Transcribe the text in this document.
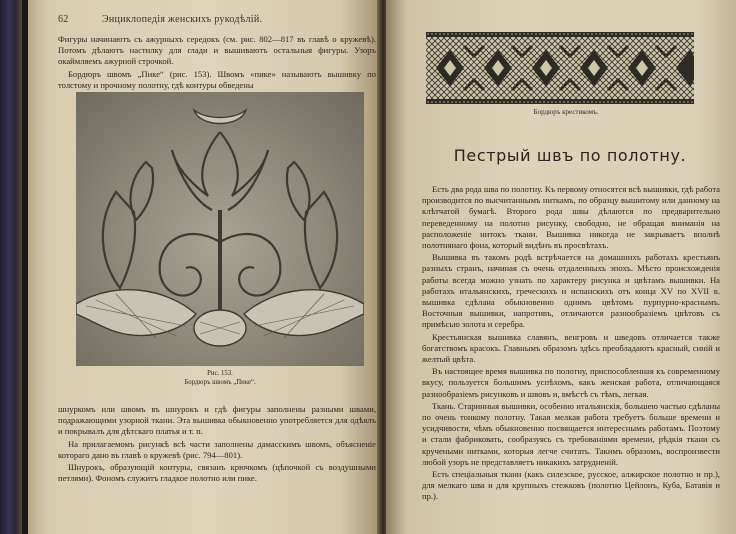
62	Энциклопедія женскихъ рукодѣлій.

Фигуры начинаютъ съ ажурныхъ середокъ (см. рис. 802—817 въ главѣ о кружевѣ). Потомъ дѣлаютъ настилку для глади и вышиваютъ остальныя фигуры. Узоръ окаймляемъ ажурной строчкой.

Бордюръ швомъ „Пике“ (рис. 153). Швомъ «пике» называютъ вышивку по толстому и прочному полотну, гдѣ контуры обведены

Рис. 153.
Бордюръ швомъ „Пике“.

шнуркомъ или швомъ въ шнурокъ и гдѣ фигуры заполнены разными швами, подражающими узорной ткани. Эта вышивка обыкновенно употребляется для одѣялъ и покрывалъ для дѣтскаго платья и т. п.

На прилагаемомъ рисункѣ всѣ части заполнены дамасскимъ швомъ, объясненіе котораго дано въ главѣ о кружевѣ (рис. 794—801).

Шнурокъ, образующій контуры, связанъ крючкомъ (цѣпочкой съ воздушными петлями). Фономъ служитъ гладкое полотно или пике.

Бордюръ крестикомъ.
Пестрый швъ по полотну.

Есть два рода шва по полотну. Къ первому относятся всѣ вышивки, гдѣ работа производится по высчитаннымъ ниткамъ, по образцу вышитому или данному на клѣтчатой бумагѣ. Второго рода швы дѣлаются по предварительно переведенному на полотно рисунку, свободно, не обращая вниманія на расположеніе нитокъ ткани. Вышивка никогда не закрываетъ вполнѣ полотнянаго фона, который видѣнъ въ просвѣтахъ.

Вышивка въ такомъ родѣ встрѣчается на домашнихъ работахъ крестьянъ разныхъ странъ, начиная съ очень отдаленныхъ эпохъ. Мѣсто происхожденія работы всегда можно узнать по характеру рисунка и цвѣтамъ вышивки. На работахъ итальянскихъ, греческихъ и испанскихъ отъ конца XV по XVII в. вышивка сдѣлана обыкновенно однимъ цвѣтомъ пурпурно-краснымъ. Восточныя вышивки, напротивъ, отличаются разнообразіемъ цвѣтовъ съ примѣсью золота и серебра.

Крестьянская вышивка славянъ, венгровъ и шведовъ отличается также богатствомъ красокъ. Главнымъ образомъ здѣсь преобладаютъ красный, синій и желтый цвѣта.

Въ настоящее время вышивка по полотну, приспособленная къ современному вкусу, пользуется большимъ успѣхомъ, какъ женская работа, отличающаяся разнообразіемъ рисунковъ и швовъ и, вмѣстѣ съ тѣмъ, легкая.

Ткань. Старинныя вышивки, особенно итальянскія, большею частью сдѣланы по очень тонкому полотну. Такая мелкая работа требуетъ больше времени и усидчивости, чѣмъ обыкновенно посвящается интереснымъ работамъ. Поэтому и стали фабриковать, сообразуясь съ требованіями времени, рѣдкія ткани съ кручеными нитками, которыя легче считать. Такимъ образомъ, воспроизвести любой узоръ не представляетъ никакихъ затрудненій.

Есть спеціальныя ткани (какъ силезское, русское, алжирское полотно и пр.), для мелкаго шва и для крупныхъ стежковъ (полотно Цейлонъ, Куба, Батавія и пр.).
